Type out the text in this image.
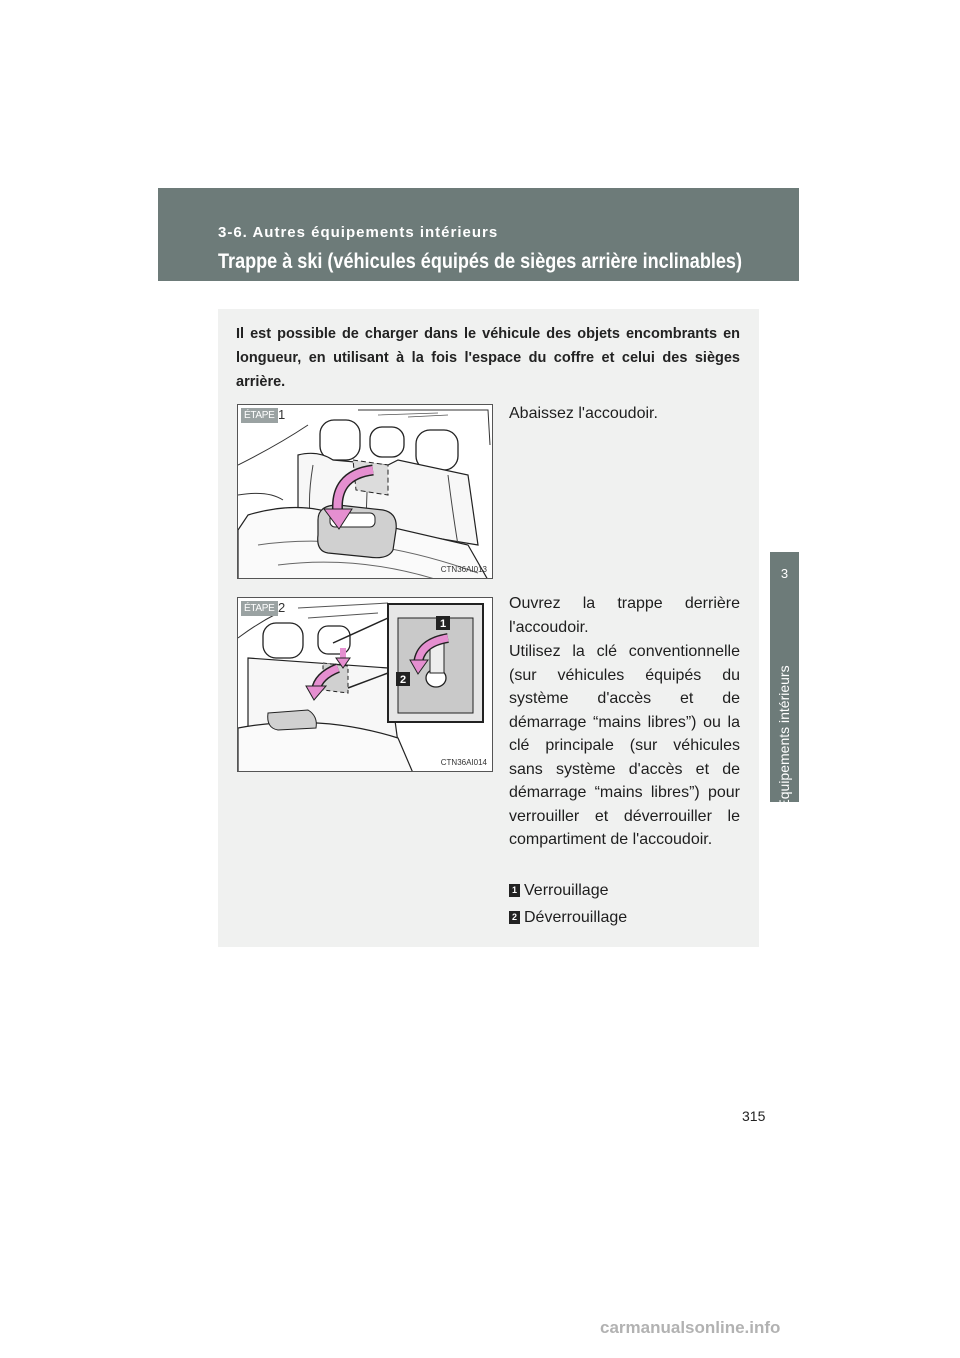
3-6. Autres équipements intérieurs
Trappe à ski (véhicules équipés de sièges arrière inclinables)
3
Équipements intérieurs
Il est possible de charger dans le véhicule des objets encombrants en longueur, en utilisant à la fois l'espace du coffre et celui des sièges arrière.
ÉTAPE 1
CTN36AI013
1
2
ÉTAPE 2
CTN36AI014
Abaissez l'accoudoir.
Ouvrez la trappe derrière l'accoudoir.
Utilisez la clé conventionnelle (sur véhicules équipés du système d'accès et de démarrage “mains libres”) ou la clé principale (sur véhicules sans système d'accès et de démarrage “mains libres”) pour verrouiller et déverrouiller le compartiment de l'accoudoir.
1 Verrouillage
2 Déverrouillage
315
carmanualsonline.info
